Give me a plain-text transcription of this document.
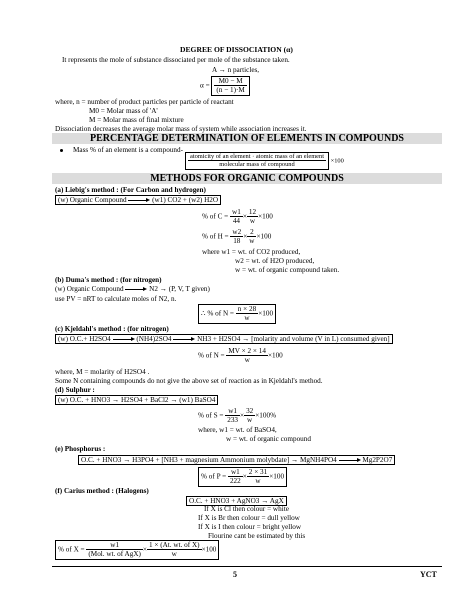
DEGREE OF DISSOCIATION (α)
It represents the mole of substance dissociated per mole of the substance taken.
A → n particles,
$\alpha = \frac{M0 - M}{(n - 1)\cdot M}$
where, n = number of product particles per particle of reactant
M0 = Molar mass of 'A'
M = Molar mass of final mixture
Dissociation decreases the average molar mass of system while association increases it.
PERCENTAGE DETERMINATION OF ELEMENTS IN COMPOUNDS
Mass % of an element is a compound-
$\frac{\text{atomicity of an element · atomic mass of an element}}{\text{molecular mass of compound}} \times 100$
METHODS FOR ORGANIC COMPOUNDS
(a) Liebig's method : (For Carbon and hydrogen)
(w) Organic Compound	(w1) CO2 + (w2) H2O
% of $C = \frac{w1}{44} \times \frac{12}{w} \times 100$
% of $H = \frac{w2}{18} \times \frac{2}{w} \times 100$
where w1 = wt. of CO2 produced,
w2 = wt. of H2O produced,
w = wt. of organic compound taken.
(b) Duma's method : (for nitrogen)
(w) Organic Compound	N2 → (P, V, T given)
use PV = nRT to calculate moles of N2, n.
∴ % of $N = \frac{n \times 28}{w} \times 100$
(c) Kjeldahl's method : (for nitrogen)
(w) O.C.+ H2SO4	(NH4)2SO4	NH3 + H2SO4 → [molarity and volume (V in L) consumed given]
% of $N = \frac{MV \times 2 \times 14}{w} \times 100$
where, M = molarity of H2SO4 .
Some N containing compounds do not give the above set of reaction as in Kjeldahl's method.
(d) Sulphur :
(w) O.C. + HNO3 → H2SO4 + BaCl2 → (w1) BaSO4
% of $S = \frac{w1}{233} \times \frac{32}{w} \times 100\%$
where, w1 = wt. of BaSO4,
w = wt. of organic compound
(e) Phosphorus :
O.C. + HNO3 → H3PO4 + [NH3 + magnesium Ammonium molybdate] → MgNH4PO4	Mg2P2O7
% of $P = \frac{w1}{222} \times \frac{2 \times 31}{w} \times 100$
(f) Carius method : (Halogens)
O.C. + HNO3 + AgNO3 → AgX
If X is Cl then colour = white
If X is Br then colour = dull yellow
If X is I then colour = bright yellow
Flourine cant be estimated by this
% of $X = \frac{w1}{\text{(Mol. wt. of AgX)}} \times \frac{\text{1 × (At. wt. of X)}}{w} \times 100$
5	YCT
